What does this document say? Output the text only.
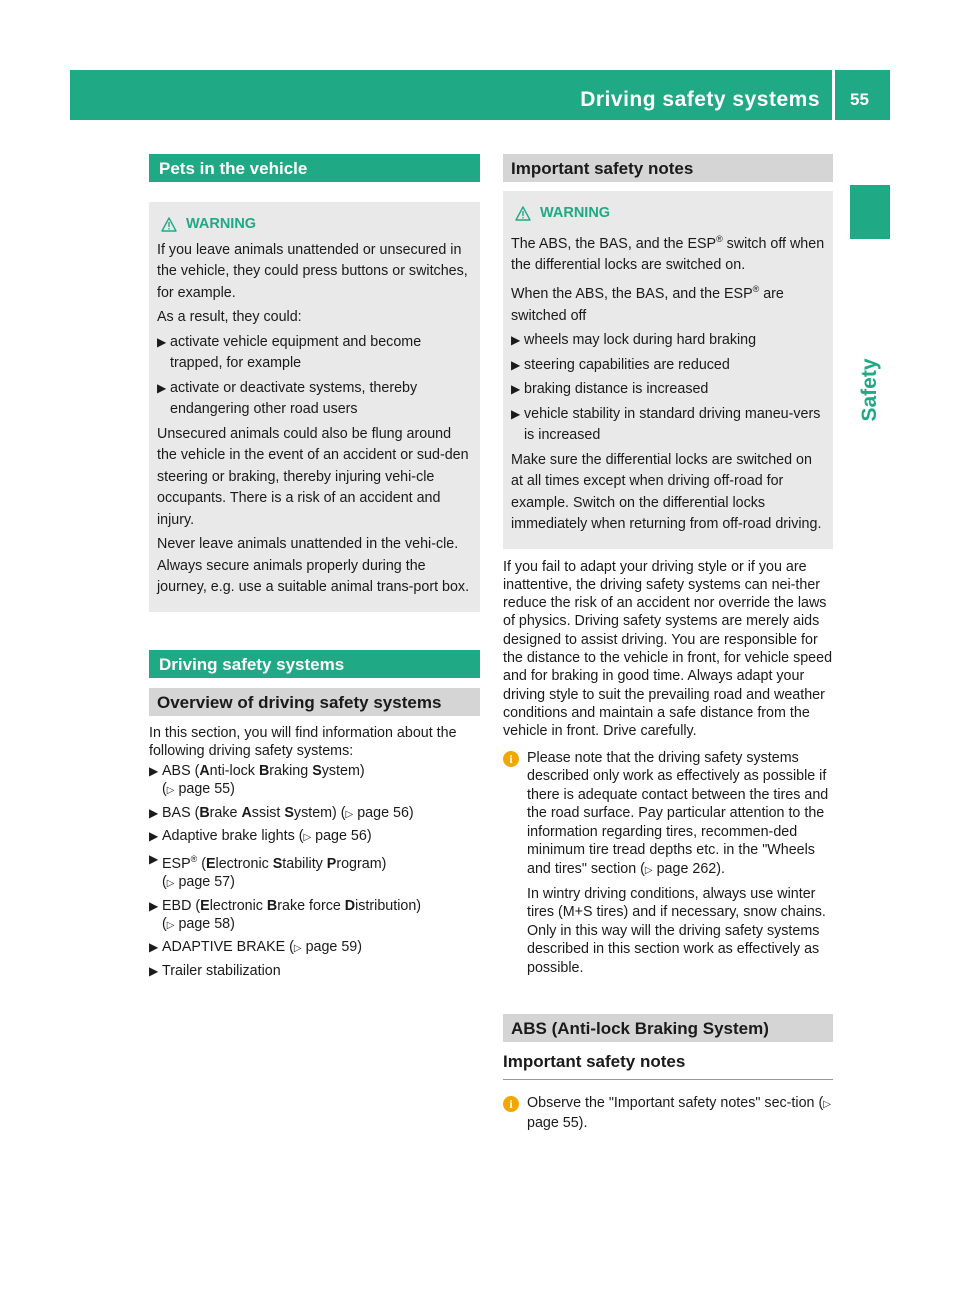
Driving safety systems 55
Safety
Pets in the vehicle
WARNING

If you leave animals unattended or unsecured in the vehicle, they could press buttons or switches, for example.

As a result, they could:

▶ activate vehicle equipment and become trapped, for example
▶ activate or deactivate systems, thereby endangering other road users

Unsecured animals could also be flung around the vehicle in the event of an accident or sud-den steering or braking, thereby injuring vehi-cle occupants. There is a risk of an accident and injury.

Never leave animals unattended in the vehi-cle. Always secure animals properly during the journey, e.g. use a suitable animal trans-port box.

Driving safety systems
Overview of driving safety systems
In this section, you will find information about the following driving safety systems:
▶ ABS (Anti-lock Braking System)
(▷ page 55)
▶ BAS (Brake Assist System) (▷ page 56)
▶ Adaptive brake lights (▷ page 56)
▶ ESP® (Electronic Stability Program)
(▷ page 57)
▶ EBD (Electronic Brake force Distribution)
(▷ page 58)
▶ ADAPTIVE BRAKE (▷ page 59)
▶ Trailer stabilization
Important safety notes
WARNING

The ABS, the BAS, and the ESP® switch off when the differential locks are switched on.

When the ABS, the BAS, and the ESP® are switched off

▶ wheels may lock during hard braking
▶ steering capabilities are reduced
▶ braking distance is increased
▶ vehicle stability in standard driving maneu-vers is increased

Make sure the differential locks are switched on at all times except when driving off-road for example. Switch on the differential locks immediately when returning from off-road driving.

If you fail to adapt your driving style or if you are inattentive, the driving safety systems can nei-ther reduce the risk of an accident nor override the laws of physics. Driving safety systems are merely aids designed to assist driving. You are responsible for the distance to the vehicle in front, for vehicle speed and for braking in good time. Always adapt your driving style to suit the prevailing road and weather conditions and maintain a safe distance from the vehicle in front. Drive carefully.
i	Please note that the driving safety systems described only work as effectively as possible if there is adequate contact between the tires and the road surface. Pay particular attention to the information regarding tires, recommen-ded minimum tire tread depths etc. in the "Wheels and tires" section (▷ page 262).
In wintry driving conditions, always use winter tires (M+S tires) and if necessary, snow chains. Only in this way will the driving safety systems described in this section work as effectively as possible.
ABS (Anti-lock Braking System)
Important safety notes
i	Observe the "Important safety notes" sec-tion (▷ page 55).
